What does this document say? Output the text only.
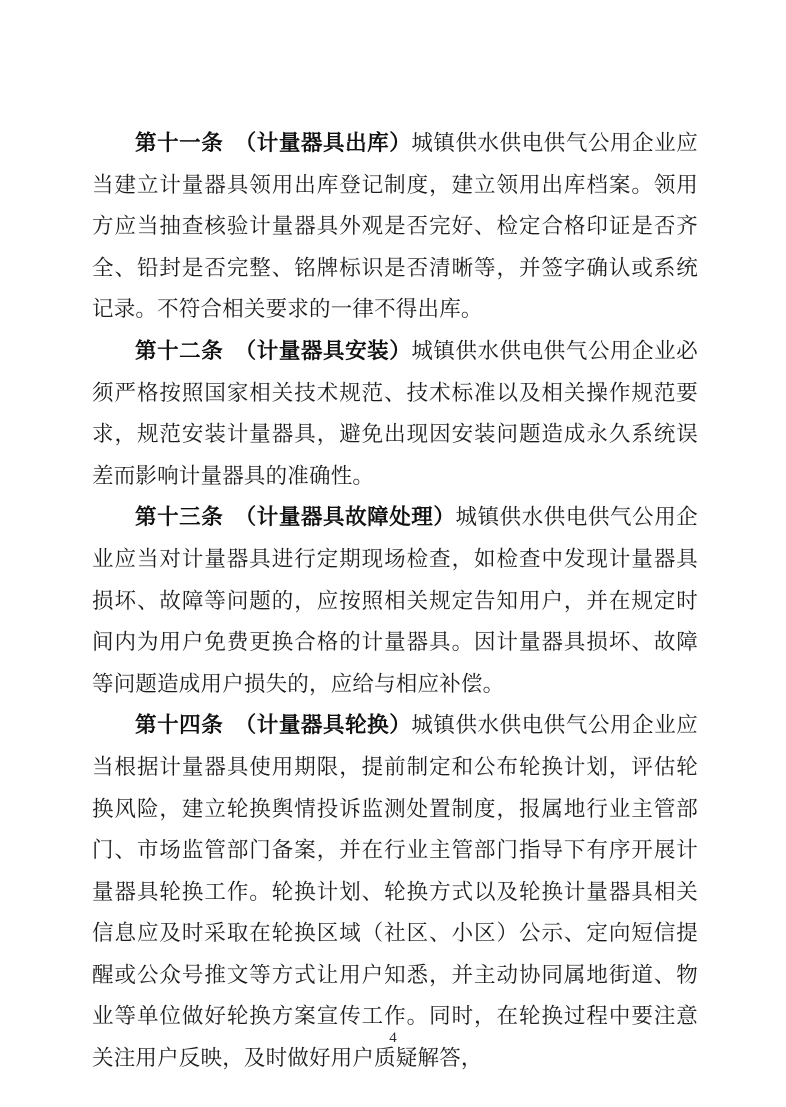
第十一条　（计量器具出库）城镇供水供电供气公用企业应当建立计量器具领用出库登记制度，建立领用出库档案。领用方应当抽查核验计量器具外观是否完好、检定合格印证是否齐全、铅封是否完整、铭牌标识是否清晰等，并签字确认或系统记录。不符合相关要求的一律不得出库。

第十二条　（计量器具安装）城镇供水供电供气公用企业必须严格按照国家相关技术规范、技术标准以及相关操作规范要求，规范安装计量器具，避免出现因安装问题造成永久系统误差而影响计量器具的准确性。

第十三条　（计量器具故障处理）城镇供水供电供气公用企业应当对计量器具进行定期现场检查，如检查中发现计量器具损坏、故障等问题的，应按照相关规定告知用户，并在规定时间内为用户免费更换合格的计量器具。因计量器具损坏、故障等问题造成用户损失的，应给与相应补偿。

第十四条　（计量器具轮换）城镇供水供电供气公用企业应当根据计量器具使用期限，提前制定和公布轮换计划，评估轮换风险，建立轮换舆情投诉监测处置制度，报属地行业主管部门、市场监管部门备案，并在行业主管部门指导下有序开展计量器具轮换工作。轮换计划、轮换方式以及轮换计量器具相关信息应及时采取在轮换区域（社区、小区）公示、定向短信提醒或公众号推文等方式让用户知悉，并主动协同属地街道、物业等单位做好轮换方案宣传工作。同时，在轮换过程中要注意关注用户反映，及时做好用户质疑解答，

4
